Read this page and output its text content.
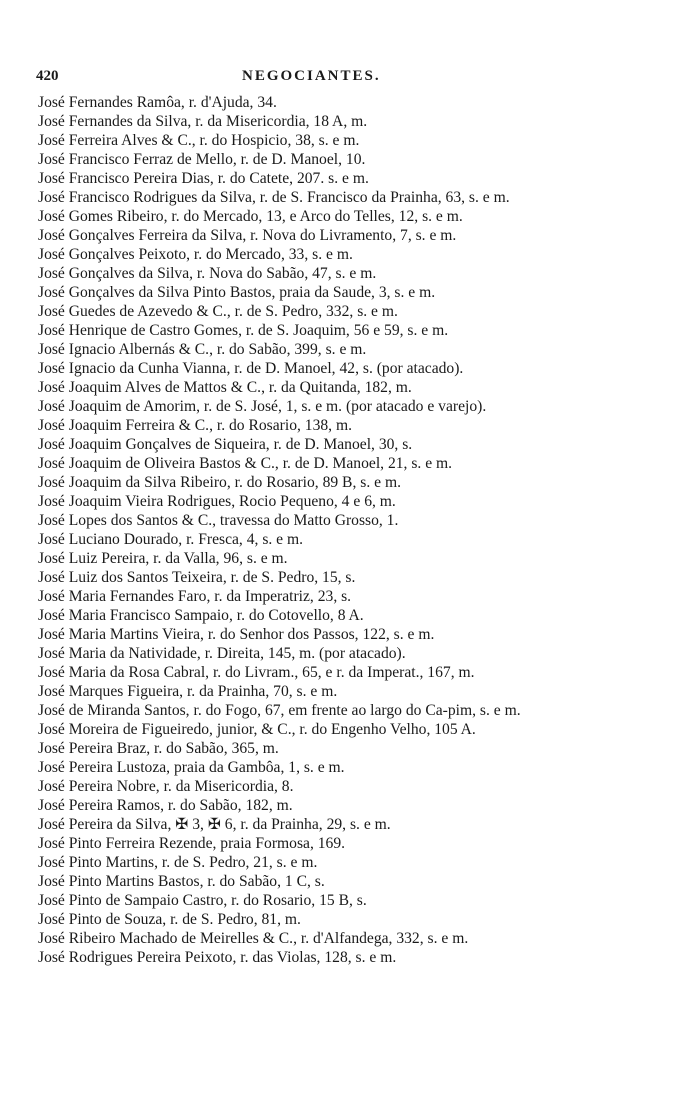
420	NEGOCIANTES.
José Fernandes Ramôa, r. d'Ajuda, 34.
José Fernandes da Silva, r. da Misericordia, 18 A, m.
José Ferreira Alves & C., r. do Hospicio, 38, s. e m.
José Francisco Ferraz de Mello, r. de D. Manoel, 10.
José Francisco Pereira Dias, r. do Catete, 207. s. e m.
José Francisco Rodrigues da Silva, r. de S. Francisco da Prainha, 63, s. e m.
José Gomes Ribeiro, r. do Mercado, 13, e Arco do Telles, 12, s. e m.
José Gonçalves Ferreira da Silva, r. Nova do Livramento, 7, s. e m.
José Gonçalves Peixoto, r. do Mercado, 33, s. e m.
José Gonçalves da Silva, r. Nova do Sabão, 47, s. e m.
José Gonçalves da Silva Pinto Bastos, praia da Saude, 3, s. e m.
José Guedes de Azevedo & C., r. de S. Pedro, 332, s. e m.
José Henrique de Castro Gomes, r. de S. Joaquim, 56 e 59, s. e m.
José Ignacio Albernás & C., r. do Sabão, 399, s. e m.
José Ignacio da Cunha Vianna, r. de D. Manoel, 42, s. (por atacado).
José Joaquim Alves de Mattos & C., r. da Quitanda, 182, m.
José Joaquim de Amorim, r. de S. José, 1, s. e m. (por atacado e varejo).
José Joaquim Ferreira & C., r. do Rosario, 138, m.
José Joaquim Gonçalves de Siqueira, r. de D. Manoel, 30, s.
José Joaquim de Oliveira Bastos & C., r. de D. Manoel, 21, s. e m.
José Joaquim da Silva Ribeiro, r. do Rosario, 89 B, s. e m.
José Joaquim Vieira Rodrigues, Rocio Pequeno, 4 e 6, m.
José Lopes dos Santos & C., travessa do Matto Grosso, 1.
José Luciano Dourado, r. Fresca, 4, s. e m.
José Luiz Pereira, r. da Valla, 96, s. e m.
José Luiz dos Santos Teixeira, r. de S. Pedro, 15, s.
José Maria Fernandes Faro, r. da Imperatriz, 23, s.
José Maria Francisco Sampaio, r. do Cotovello, 8 A.
José Maria Martins Vieira, r. do Senhor dos Passos, 122, s. e m.
José Maria da Natividade, r. Direita, 145, m. (por atacado).
José Maria da Rosa Cabral, r. do Livram., 65, e r. da Imperat., 167, m.
José Marques Figueira, r. da Prainha, 70, s. e m.
José de Miranda Santos, r. do Fogo, 67, em frente ao largo do Ca-pim, s. e m.
José Moreira de Figueiredo, junior, & C., r. do Engenho Velho, 105 A.
José Pereira Braz, r. do Sabão, 365, m.
José Pereira Lustoza, praia da Gambôa, 1, s. e m.
José Pereira Nobre, r. da Misericordia, 8.
José Pereira Ramos, r. do Sabão, 182, m.
José Pereira da Silva, ✠ 3, ✠ 6, r. da Prainha, 29, s. e m.
José Pinto Ferreira Rezende, praia Formosa, 169.
José Pinto Martins, r. de S. Pedro, 21, s. e m.
José Pinto Martins Bastos, r. do Sabão, 1 C, s.
José Pinto de Sampaio Castro, r. do Rosario, 15 B, s.
José Pinto de Souza, r. de S. Pedro, 81, m.
José Ribeiro Machado de Meirelles & C., r. d'Alfandega, 332, s. e m.
José Rodrigues Pereira Peixoto, r. das Violas, 128, s. e m.
